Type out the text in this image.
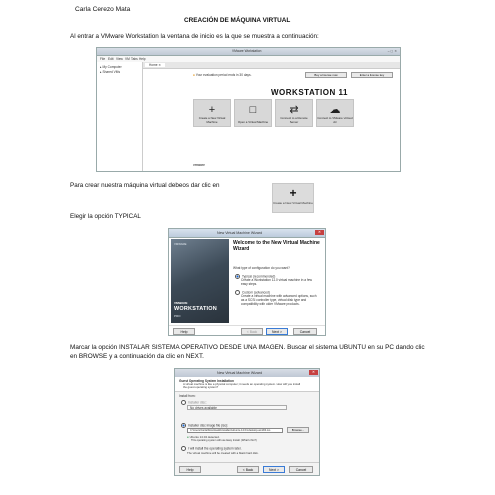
Carla Cerezo Mata
CREACIÓN DE MÁQUINA VIRTUAL
Al entrar a VMware Workstation la ventana de inicio es la que se muestra a continuación:
VMware Workstation	– ▢ ✕
File Edit View VM Tabs Help
▸ My Computer
▸ Shared VMs
Home ✕
● Your evaluation period ends in 30 days.	Buy a license now	Enter a license key
WORKSTATION 11
+
Create a New Virtual Machine
□
Open a Virtual Machine
⇄
Connect to a Remote Server
☁
Connect to VMware vCloud Air
vmware
Para crear nuestra máquina virtual debeos dar clic en
+
Create a New Virtual Machine
Elegir la opción TYPICAL
New Virtual Machine Wizard	✕
VMWARE
VMWARE
WORKSTATION
PRO
Welcome to the New Virtual Machine Wizard
What type of configuration do you want?
Typical (recommended)
Create a Workstation 11.0 virtual machine in a few easy steps.
Custom (advanced)
Create a virtual machine with advanced options, such as a SCSI controller type, virtual disk type and compatibility with older VMware products.
Help	< Back	Next >	Cancel
Marcar la opción INSTALAR SISTEMA OPERATIVO DESDE UNA IMAGEN. Buscar el sistema UBUNTU en su PC dando clic en BROWSE y a continuación da clic en NEXT.
New Virtual Machine Wizard	✕
Guest Operating System Installation
A virtual machine is like a physical computer; it needs an operating system. How will you install the guest operating system?
Install from:
Installer disc:
No drives available
Installer disc image file (iso):
C:\Users\Carla\Downloads\installers\ubuntu-14.04-desktop-amd64.iso	Browse...
● Ubuntu 14.04 detected.
This operating system will use Easy Install. (What's this?)
I will install the operating system later.
The virtual machine will be created with a blank hard disk.
Help	< Back	Next >	Cancel
